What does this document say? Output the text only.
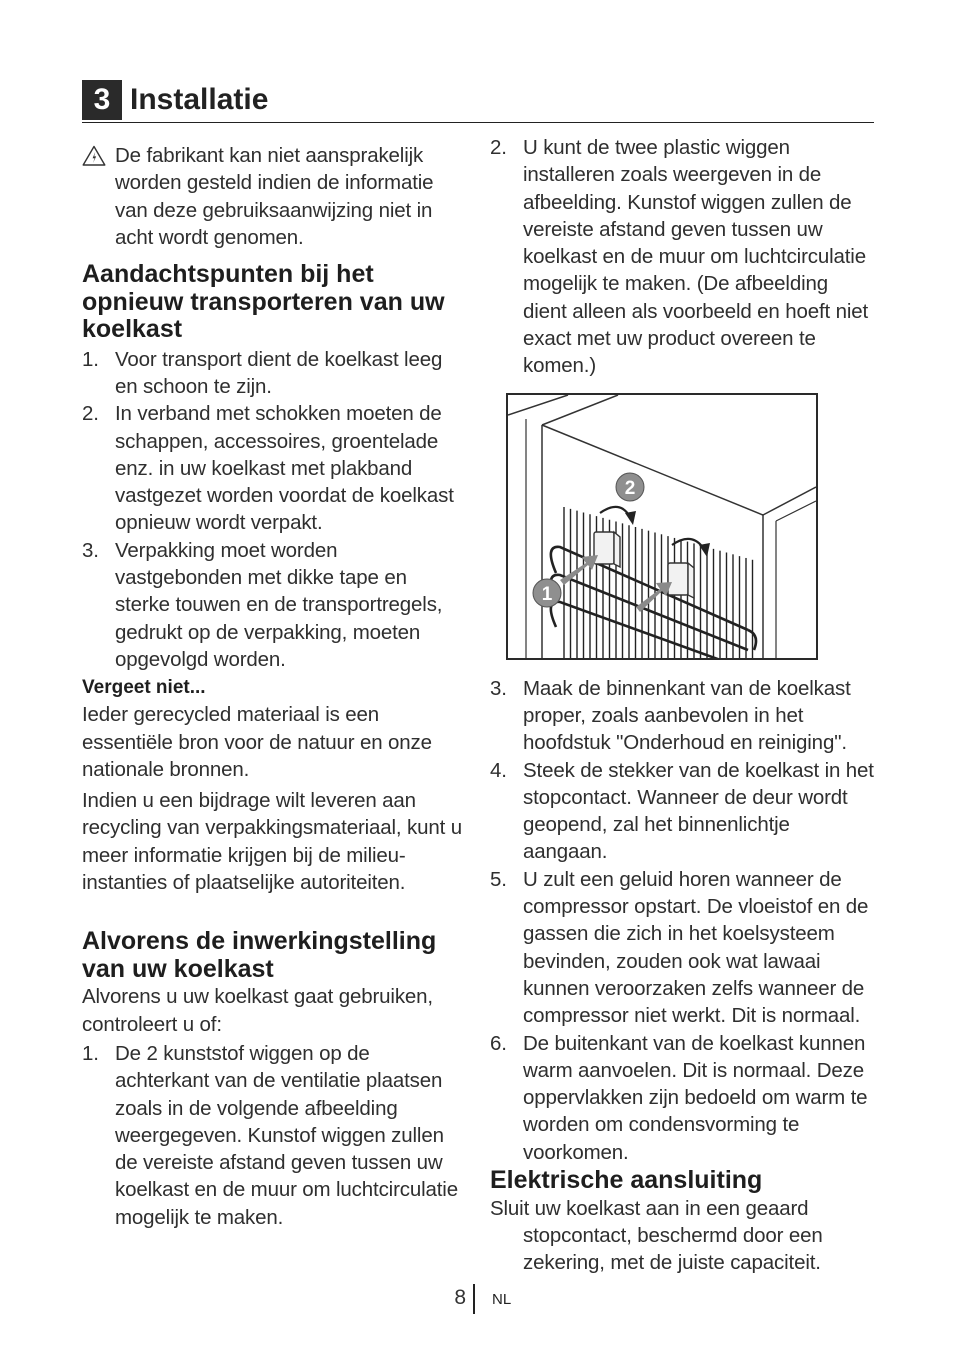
3 Installatie

De fabrikant kan niet aansprakelijk worden gesteld indien de informatie van deze gebruiksaanwijzing niet in acht wordt genomen.

Aandachtspunten bij het opnieuw transporteren van uw koelkast
1. Voor transport dient de koelkast leeg en schoon te zijn.
2. In verband met schokken moeten de schappen, accessoires, groentelade enz. in uw koelkast met plakband vastgezet worden voordat de koelkast opnieuw wordt verpakt.
3. Verpakking moet worden vastgebonden met dikke tape en sterke touwen en de transportregels, gedrukt op de verpakking, moeten opgevolgd worden.
Vergeet niet...

Ieder gerecycled materiaal is een essentiële bron voor de natuur en onze nationale bronnen.

Indien u een bijdrage wilt leveren aan recycling van verpakkingsmateriaal, kunt u meer informatie krijgen bij de milieu-instanties of plaatselijke autoriteiten.

Alvorens de inwerkingstelling van uw koelkast

Alvorens u uw koelkast gaat gebruiken, controleert u of:

1. De 2 kunststof wiggen op de achterkant van de ventilatie plaatsen zoals in de volgende afbeelding weergegeven. Kunstof wiggen zullen de vereiste afstand geven tussen uw koelkast en de muur om luchtcirculatie mogelijk te maken.
2. U kunt de twee plastic wiggen installeren zoals weergeven in de afbeelding. Kunstof wiggen zullen de vereiste afstand geven tussen uw koelkast en de muur om luchtcirculatie mogelijk te maken. (De afbeelding dient alleen als voorbeeld en hoeft niet exact met uw product overeen te komen.)
3. Maak de binnenkant van de koelkast proper, zoals aanbevolen in het hoofdstuk "Onderhoud en reiniging".
4. Steek de stekker van de koelkast in het stopcontact. Wanneer de deur wordt geopend, zal het binnenlichtje aangaan.
5. U zult een geluid horen wanneer de compressor opstart. De vloeistof en de gassen die zich in het koelsysteem bevinden, zouden ook wat lawaai kunnen veroorzaken zelfs wanneer de compressor niet werkt. Dit is normaal.
6. De buitenkant van de koelkast kunnen warm aanvoelen. Dit is normaal. Deze oppervlakken zijn bedoeld om warm te worden om condensvorming te voorkomen.
Elektrische aansluiting

Sluit uw koelkast aan in een geaard stopcontact, beschermd door een zekering, met de juiste capaciteit.

2
1
8 NL
